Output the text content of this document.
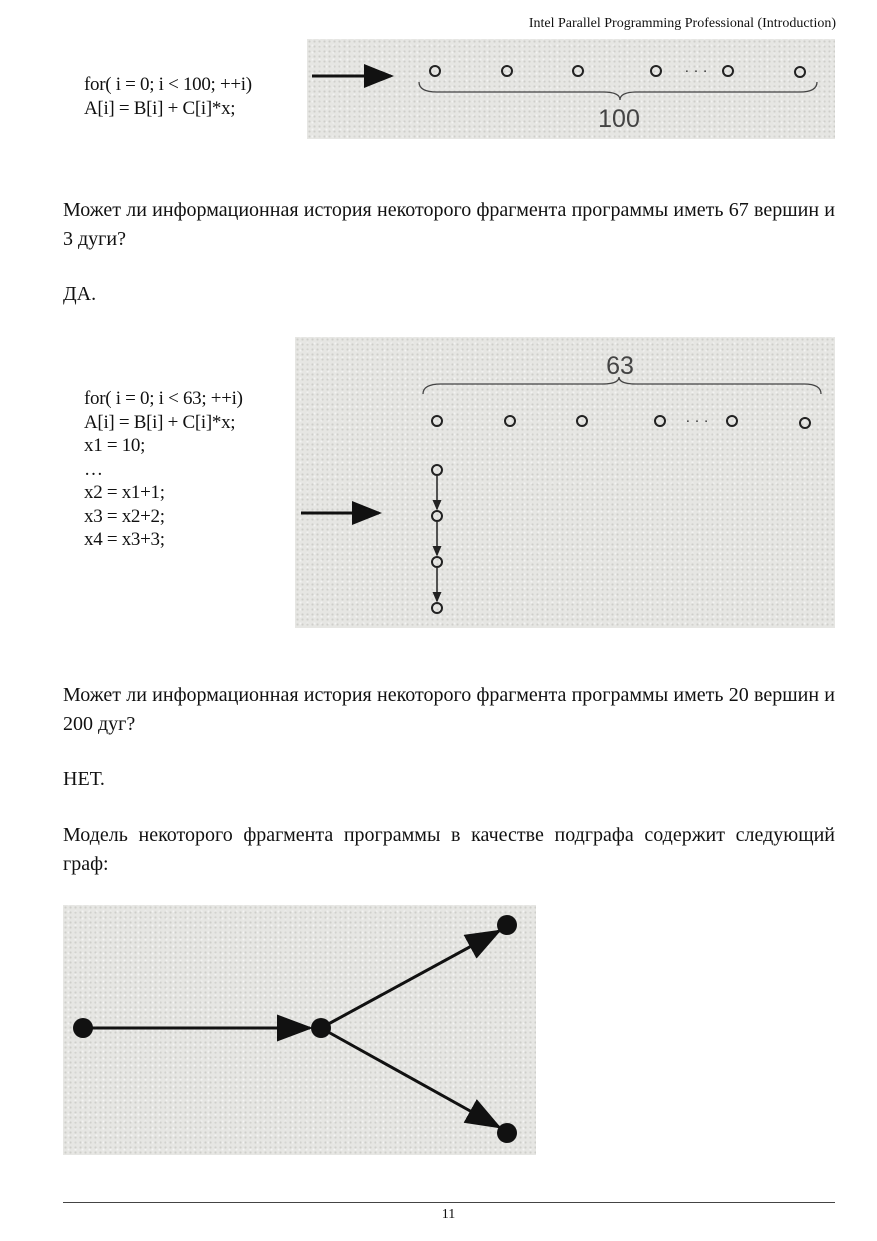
Intel Parallel Programming Professional (Introduction)
for( i = 0; i < 100; ++i)
A[i] = B[i] + C[i]*x;
· · ·
100

Может ли информационная история некоторого фрагмента программы иметь 67 вершин и 3 дуги?

ДА.

for( i = 0; i < 63; ++i)
A[i] = B[i] + C[i]*x;
x1 = 10;
…
x2 = x1+1;
x3 = x2+2;
x4 = x3+3;
63
· · ·

Может ли информационная история некоторого фрагмента программы иметь 20 вершин и 200 дуг?

НЕТ.

Модель некоторого фрагмента программы в качестве подграфа содержит следующий граф:

11
